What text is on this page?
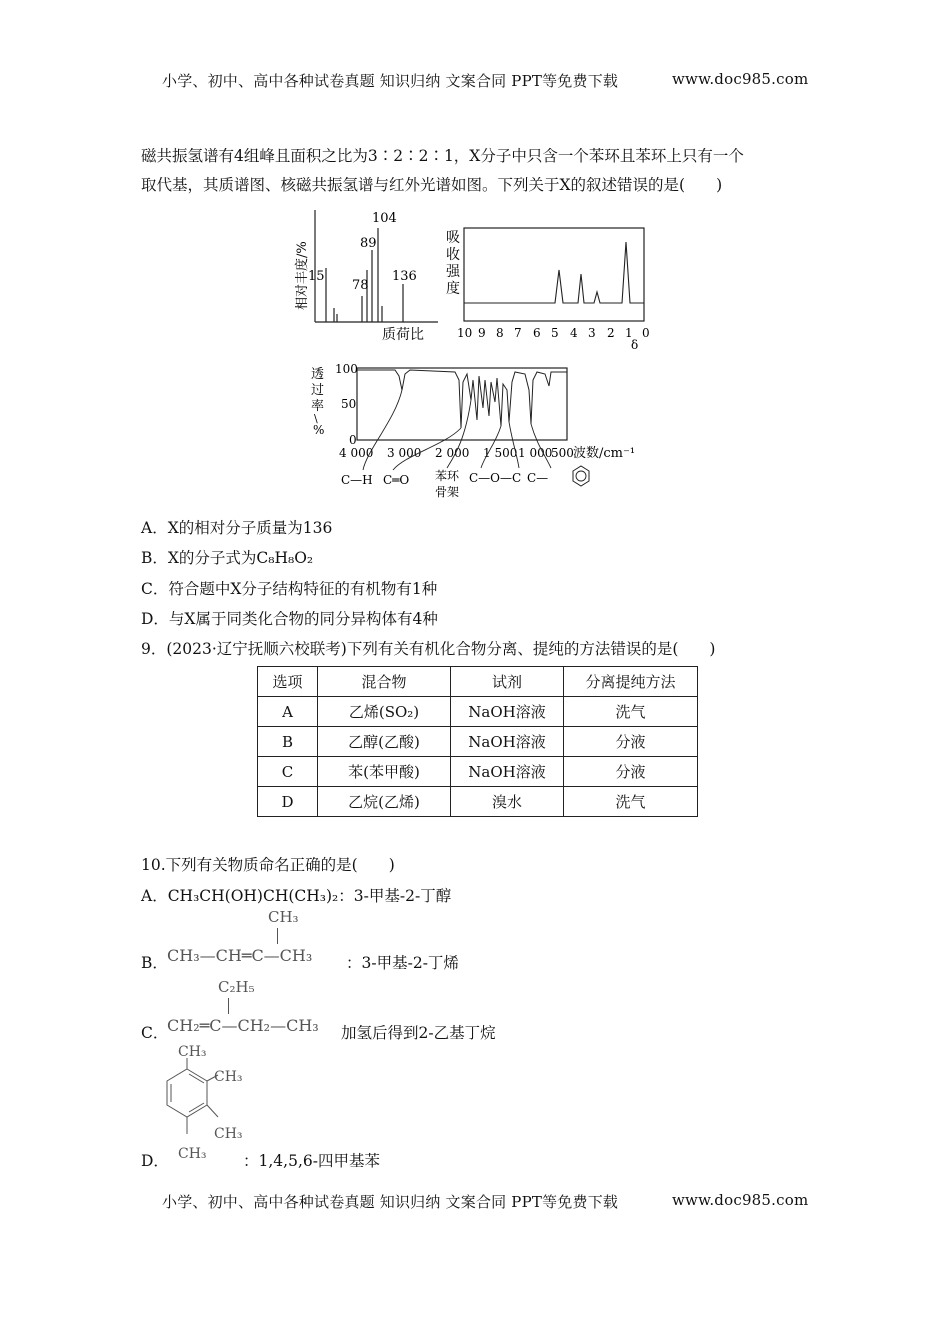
小学、初中、高中各种试卷真题 知识归纳 文案合同 PPT等免费下载	www.doc985.com
小学、初中、高中各种试卷真题 知识归纳 文案合同 PPT等免费下载	www.doc985.com
磁共振氢谱有4组峰且面积之比为3∶2∶2∶1，X分子中只含一个苯环且苯环上只有一个
取代基，其质谱图、核磁共振氢谱与红外光谱如图。下列关于X的叙述错误的是(　　)
15
78
89
104
136
相对丰度/%
质荷比
吸
收
强
度
10 9 8 7 6 5 4 3 2 1 0
δ
100
50
0
透
过
率
\
%
4 000 3 000 2 000 1 500 1 000
500 波数/cm⁻¹
C—H C═O 苯环
骨架
C—O—C C—
A．X的相对分子质量为136
B．X的分子式为C₈H₈O₂
C．符合题中X分子结构特征的有机物有1种
D．与X属于同类化合物的同分异构体有4种
9．(2023·辽宁抚顺六校联考)下列有关有机化合物分离、提纯的方法错误的是(　　)
选项	混合物	试剂	分离提纯方法
A	乙烯(SO₂)	NaOH溶液	洗气
B	乙醇(乙酸)	NaOH溶液	分液
C	苯(苯甲酸)	NaOH溶液	分液
D	乙烷(乙烯)	溴水	洗气
10.下列有关物质命名正确的是(　　)
A．CH₃CH(OH)CH(CH₃)₂：3-甲基-2-丁醇
B．
CH₃
CH₃—CH═C—CH₃ ：3-甲基-2-丁烯
C．
C₂H₅
CH₂═C—CH₂—CH₃ 加氢后得到2-乙基丁烷
D．
CH₃
CH₃
CH₃
CH₃ ：1,4,5,6-四甲基苯
